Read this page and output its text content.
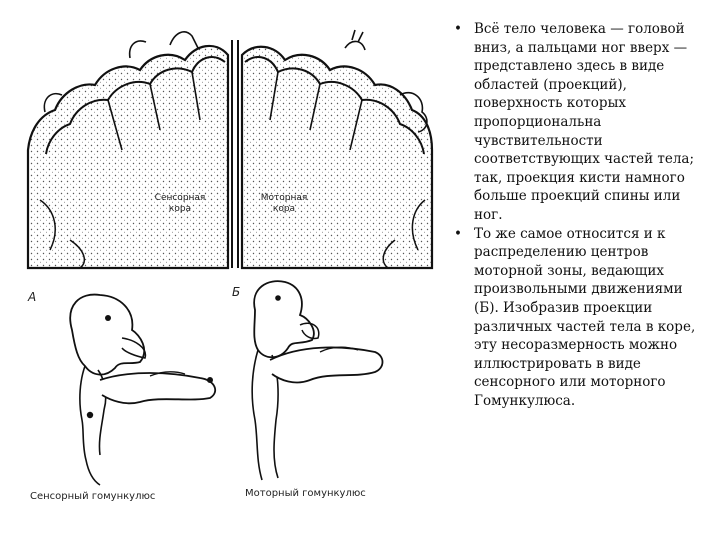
Сенсорная
кора
Моторная
кора
А	Б
Сенсорный гомункулюс	Моторный гомункулюс

• Всё тело человека — головой вниз, а пальцами ног вверх — представлено здесь в виде областей (проекций), поверхность которых пропорциональна чувствительности соответствующих частей тела; так, проекция кисти намного больше проекций спины или ног.

• То же самое относится и к распределению центров моторной зоны, ведающих произвольными движениями (Б). Изобразив проекции различных частей тела в коре, эту несоразмерность можно иллюстрировать в виде сенсорного или моторного Гомункулюса.
